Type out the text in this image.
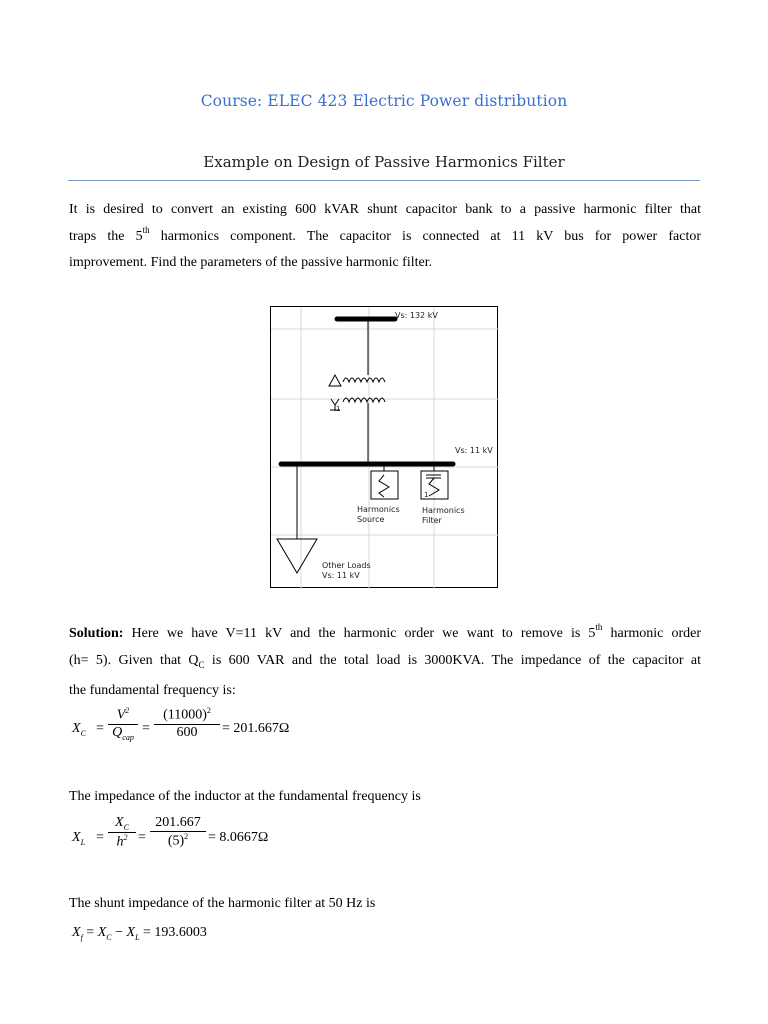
Course: ELEC 423 Electric Power distribution
Example on Design of Passive Harmonics Filter
It is desired to convert an existing 600 kVAR shunt capacitor bank to a passive harmonic filter that
traps the 5th harmonics component. The capacitor is connected at 11 kV bus for power factor
improvement. Find the parameters of the passive harmonic filter.
1
1
Vs: 132 kV
Vs: 11 kV
Harmonics
Source
Harmonics
Filter
Other Loads
Vs: 11 kV
Solution: Here we have V=11 kV and the harmonic order we want to remove is 5th harmonic order
(h= 5). Given that $Q_C$ is 600 VAR and the total load is 3000KVA. The impedance of the capacitor at
the fundamental frequency is:
$X_C$ =
$V^2$
$Q_{cap}$
=
$(11000)^2$
600	= 201.667Ω
The impedance of the inductor at the fundamental frequency is
$X_L$ =
$X_C$
$h^2$ =
201.667
$(5)^2$	= 8.0667Ω
The shunt impedance of the harmonic filter at 50 Hz is
$X_f = X_C - X_L = 193.6003$
